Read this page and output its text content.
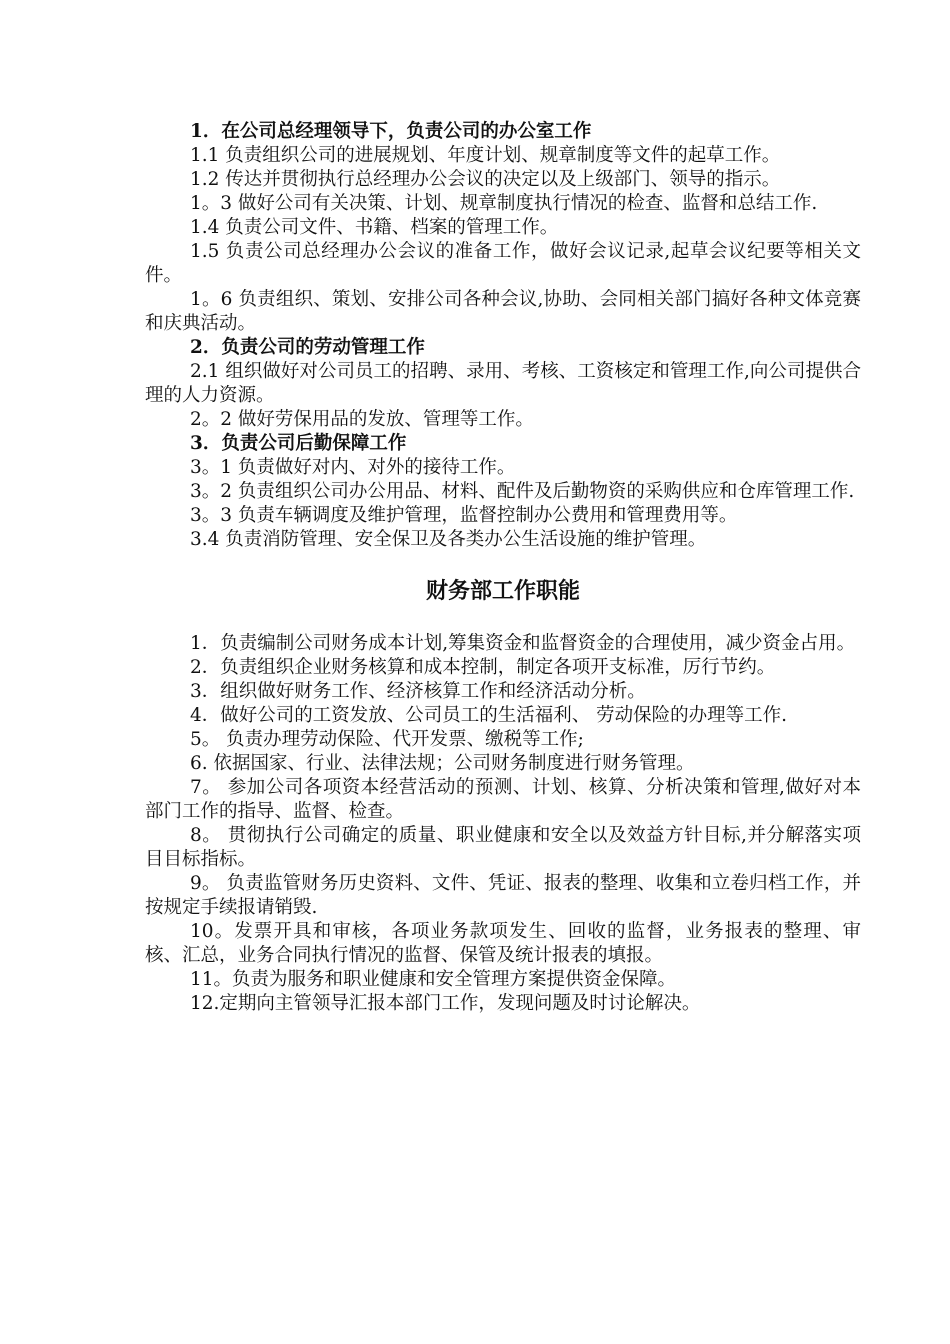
1．在公司总经理领导下，负责公司的办公室工作

1.1 负责组织公司的进展规划、年度计划、规章制度等文件的起草工作。

1.2 传达并贯彻执行总经理办公会议的决定以及上级部门、领导的指示。

1。3 做好公司有关决策、计划、规章制度执行情况的检查、监督和总结工作.

1.4 负责公司文件、书籍、档案的管理工作。

1.5 负责公司总经理办公会议的准备工作，做好会议记录,起草会议纪要等相关文件。

1。6 负责组织、策划、安排公司各种会议,协助、会同相关部门搞好各种文体竞赛和庆典活动。

2．负责公司的劳动管理工作

2.1 组织做好对公司员工的招聘、录用、考核、工资核定和管理工作,向公司提供合理的人力资源。

2。2 做好劳保用品的发放、管理等工作。

3．负责公司后勤保障工作

3。1 负责做好对内、对外的接待工作。

3。2 负责组织公司办公用品、材料、配件及后勤物资的采购供应和仓库管理工作.

3。3 负责车辆调度及维护管理，监督控制办公费用和管理费用等。

3.4 负责消防管理、安全保卫及各类办公生活设施的维护管理。

财务部工作职能

1．负责编制公司财务成本计划,筹集资金和监督资金的合理使用，减少资金占用。

2．负责组织企业财务核算和成本控制，制定各项开支标准，厉行节约。

3．组织做好财务工作、经济核算工作和经济活动分析。

4．做好公司的工资发放、公司员工的生活福利、 劳动保险的办理等工作.

5。 负责办理劳动保险、代开发票、缴税等工作;

6. 依据国家、行业、法律法规；公司财务制度进行财务管理。

7。 参加公司各项资本经营活动的预测、计划、核算、分析决策和管理,做好对本部门工作的指导、监督、检查。

8。 贯彻执行公司确定的质量、职业健康和安全以及效益方针目标,并分解落实项目目标指标。

9。 负责监管财务历史资料、文件、凭证、报表的整理、收集和立卷归档工作，并按规定手续报请销毁.

10。发票开具和审核，各项业务款项发生、回收的监督，业务报表的整理、审核、汇总，业务合同执行情况的监督、保管及统计报表的填报。

11。负责为服务和职业健康和安全管理方案提供资金保障。

12.定期向主管领导汇报本部门工作，发现问题及时讨论解决。
